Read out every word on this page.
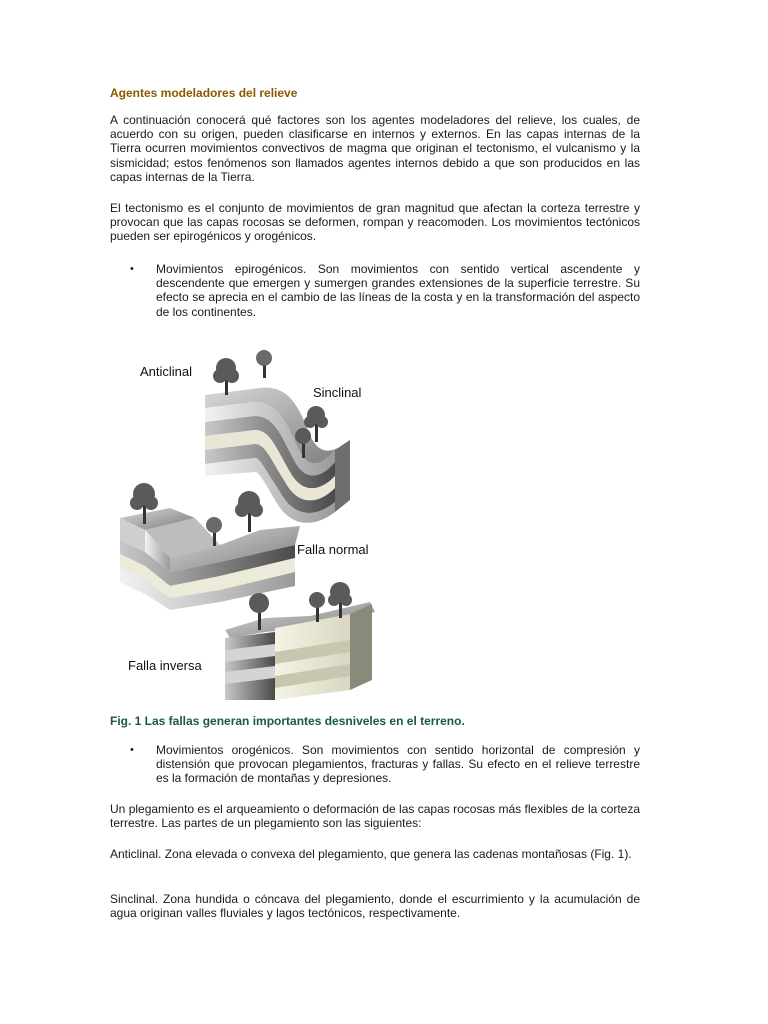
Agentes modeladores del relieve

A continuación conocerá qué factores son los agentes modeladores del relieve, los cuales, de acuerdo con su origen, pueden clasificarse en internos y externos. En las capas internas de la Tierra ocurren movimientos convectivos de magma que originan el tectonismo, el vulcanismo y la sismicidad; estos fenómenos son llamados agentes internos debido a que son producidos en las capas internas de la Tierra.

El tectonismo es el conjunto de movimientos de gran magnitud que afectan la corteza terrestre y provocan que las capas rocosas se deformen, rompan y reacomoden. Los movimientos tectónicos pueden ser epirogénicos y orogénicos.

• Movimientos epirogénicos. Son movimientos con sentido vertical ascendente y descendente que emergen y sumergen grandes extensiones de la superficie terrestre. Su efecto se aprecia en el cambio de las líneas de la costa y en la transformación del aspecto de los continentes.
Anticlinal
Sinclinal
Falla normal
Falla inversa
Fig. 1 Las fallas generan importantes desniveles en el terreno.
• Movimientos orogénicos. Son movimientos con sentido horizontal de compresión y distensión que provocan plegamientos, fracturas y fallas. Su efecto en el relieve terrestre es la formación de montañas y depresiones.

Un plegamiento es el arqueamiento o deformación de las capas rocosas más flexibles de la corteza terrestre. Las partes de un plegamiento son las siguientes:

Anticlinal. Zona elevada o convexa del plegamiento, que genera las cadenas montañosas (Fig. 1).

Sinclinal. Zona hundida o cóncava del plegamiento, donde el escurrimiento y la acumulación de agua originan valles fluviales y lagos tectónicos, respectivamente.
